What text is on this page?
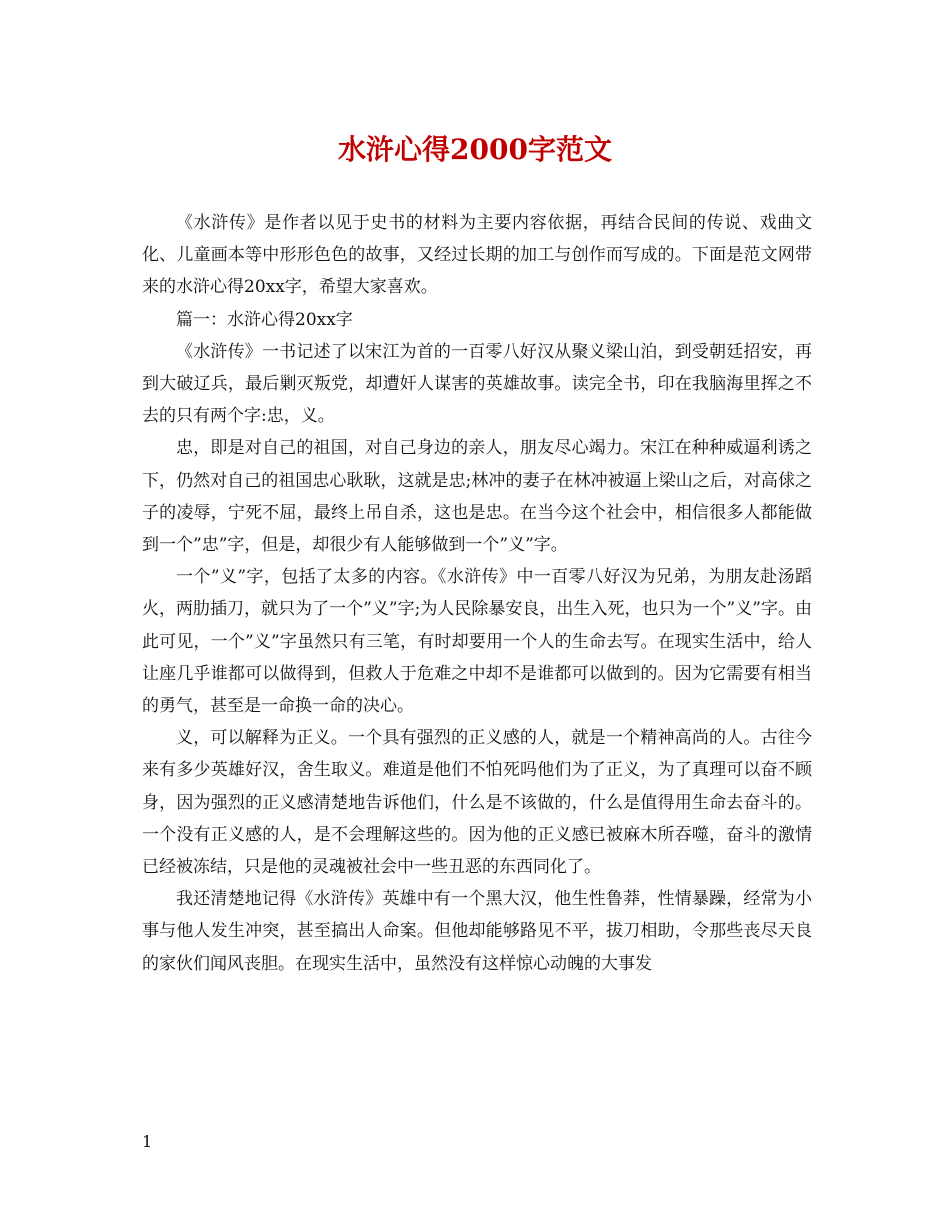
水浒心得2000字范文

《水浒传》是作者以见于史书的材料为主要内容依据，再结合民间的传说、戏曲文化、儿童画本等中形形色色的故事，又经过长期的加工与创作而写成的。下面是范文网带来的水浒心得20xx字，希望大家喜欢。

篇一：水浒心得20xx字

《水浒传》一书记述了以宋江为首的一百零八好汉从聚义梁山泊，到受朝廷招安，再到大破辽兵，最后剿灭叛党，却遭奸人谋害的英雄故事。读完全书，印在我脑海里挥之不去的只有两个字:忠，义。

忠，即是对自己的祖国，对自己身边的亲人，朋友尽心竭力。宋江在种种威逼利诱之下，仍然对自己的祖国忠心耿耿，这就是忠;林冲的妻子在林冲被逼上梁山之后，对高俅之子的凌辱，宁死不屈，最终上吊自杀，这也是忠。在当今这个社会中，相信很多人都能做到一个”忠”字，但是，却很少有人能够做到一个”义”字。

一个”义”字，包括了太多的内容。《水浒传》中一百零八好汉为兄弟，为朋友赴汤蹈火，两肋插刀，就只为了一个”义”字;为人民除暴安良，出生入死，也只为一个”义”字。由此可见，一个”义”字虽然只有三笔，有时却要用一个人的生命去写。在现实生活中，给人让座几乎谁都可以做得到，但救人于危难之中却不是谁都可以做到的。因为它需要有相当的勇气，甚至是一命换一命的决心。

义，可以解释为正义。一个具有强烈的正义感的人，就是一个精神高尚的人。古往今来有多少英雄好汉，舍生取义。难道是他们不怕死吗他们为了正义，为了真理可以奋不顾身，因为强烈的正义感清楚地告诉他们，什么是不该做的，什么是值得用生命去奋斗的。一个没有正义感的人，是不会理解这些的。因为他的正义感已被麻木所吞噬，奋斗的激情已经被冻结，只是他的灵魂被社会中一些丑恶的东西同化了。

我还清楚地记得《水浒传》英雄中有一个黑大汉，他生性鲁莽，性情暴躁，经常为小事与他人发生冲突，甚至搞出人命案。但他却能够路见不平，拔刀相助，令那些丧尽天良的家伙们闻风丧胆。在现实生活中，虽然没有这样惊心动魄的大事发

1
